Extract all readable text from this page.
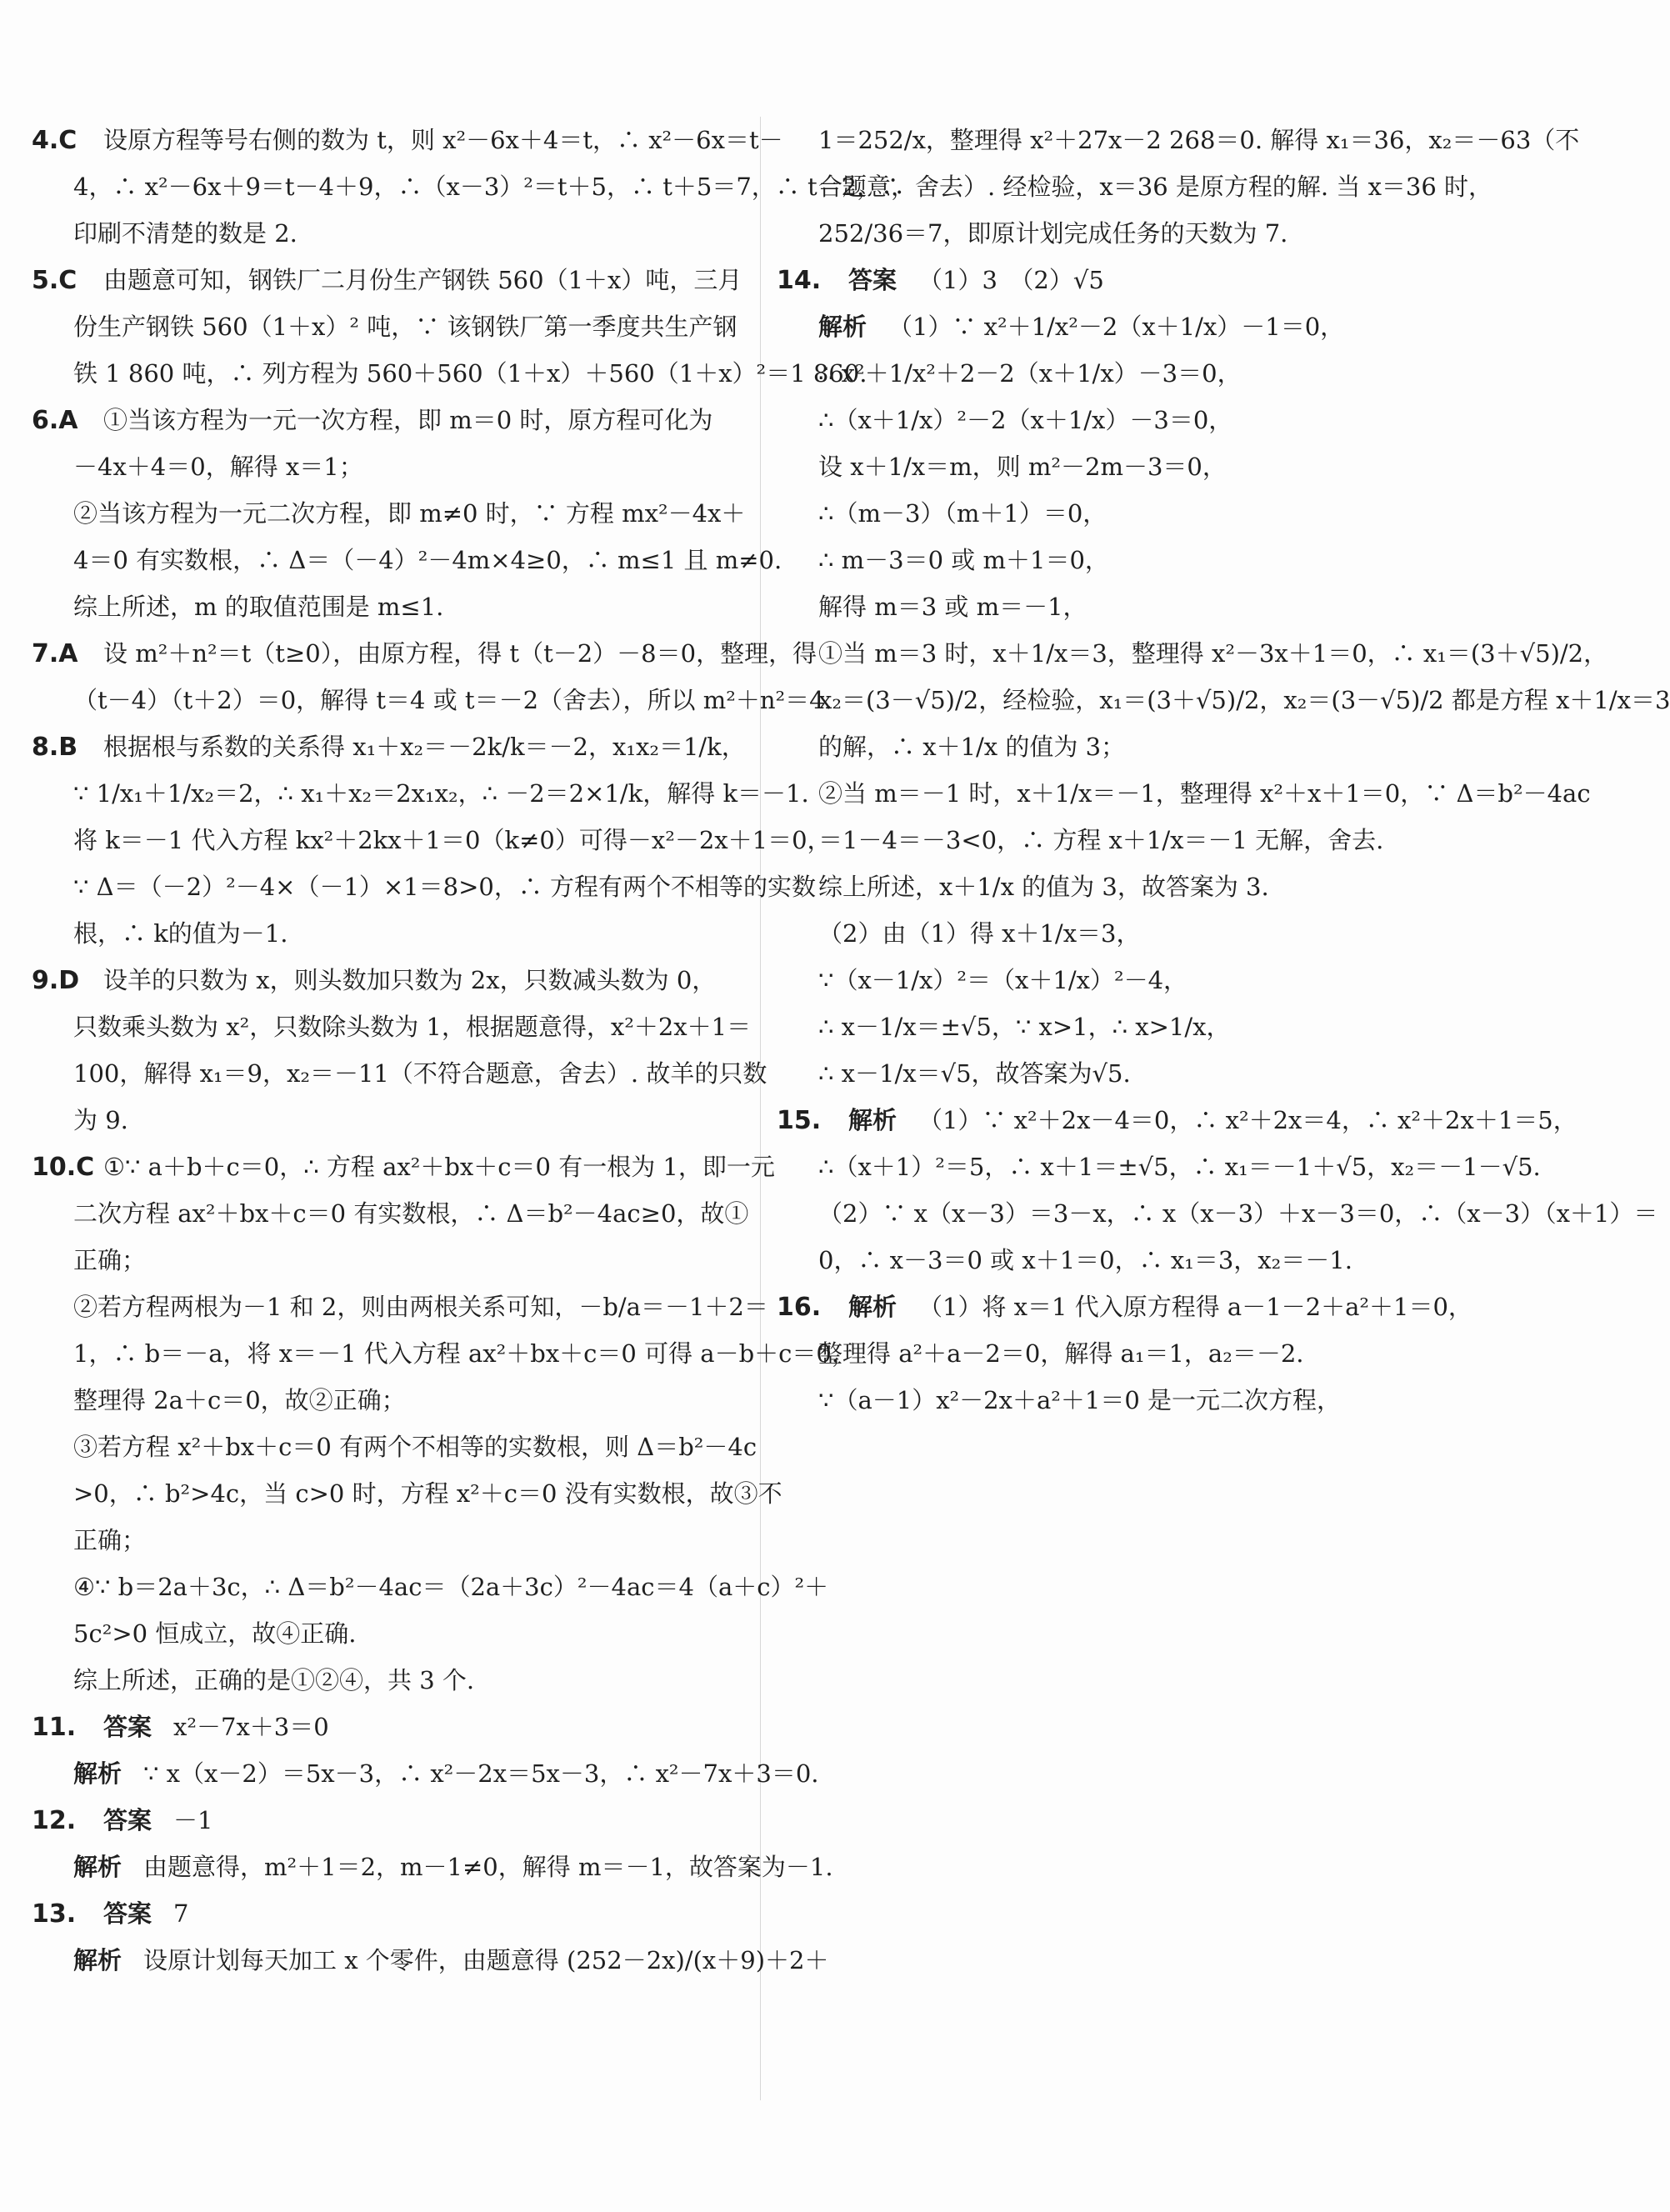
4.C 设原方程等号右侧的数为 t，则 x²－6x＋4＝t，∴ x²－6x＝t－
4，∴ x²－6x＋9＝t－4＋9，∴（x－3）²＝t＋5，∴ t＋5＝7，∴ t＝2，∴
印刷不清楚的数是 2.
5.C 由题意可知，钢铁厂二月份生产钢铁 560（1＋x）吨，三月
份生产钢铁 560（1＋x）² 吨，∵ 该钢铁厂第一季度共生产钢
铁 1 860 吨，∴ 列方程为 560＋560（1＋x）＋560（1＋x）²＝1 860.
6.A ①当该方程为一元一次方程，即 m＝0 时，原方程可化为
－4x＋4＝0，解得 x＝1；
②当该方程为一元二次方程，即 m≠0 时，∵ 方程 mx²－4x＋
4＝0 有实数根，∴ Δ＝（－4）²－4m×4≥0，∴ m≤1 且 m≠0.
综上所述，m 的取值范围是 m≤1.
7.A 设 m²＋n²＝t（t≥0），由原方程，得 t（t－2）－8＝0，整理，得
（t－4）（t＋2）＝0，解得 t＝4 或 t＝－2（舍去），所以 m²＋n²＝4.
8.B 根据根与系数的关系得 x₁＋x₂＝－2k/k＝－2，x₁x₂＝1/k，
∵ 1/x₁＋1/x₂＝2，∴ x₁＋x₂＝2x₁x₂，∴ －2＝2×1/k，解得 k＝－1.
将 k＝－1 代入方程 kx²＋2kx＋1＝0（k≠0）可得－x²－2x＋1＝0，
∵ Δ＝（－2）²－4×（－1）×1＝8>0，∴ 方程有两个不相等的实数
根，∴ k的值为－1.
9.D 设羊的只数为 x，则头数加只数为 2x，只数减头数为 0，
只数乘头数为 x²，只数除头数为 1，根据题意得，x²＋2x＋1＝
100，解得 x₁＝9，x₂＝－11（不符合题意，舍去）. 故羊的只数
为 9.
10.C ①∵ a＋b＋c＝0，∴ 方程 ax²＋bx＋c＝0 有一根为 1，即一元
二次方程 ax²＋bx＋c＝0 有实数根，∴ Δ＝b²－4ac≥0，故①
正确；
②若方程两根为－1 和 2，则由两根关系可知，－b/a＝－1＋2＝
1，∴ b＝－a，将 x＝－1 代入方程 ax²＋bx＋c＝0 可得 a－b＋c＝0，
整理得 2a＋c＝0，故②正确；
③若方程 x²＋bx＋c＝0 有两个不相等的实数根，则 Δ＝b²－4c
>0，∴ b²>4c，当 c>0 时，方程 x²＋c＝0 没有实数根，故③不
正确；
④∵ b＝2a＋3c，∴ Δ＝b²－4ac＝（2a＋3c）²－4ac＝4（a＋c）²＋
5c²>0 恒成立，故④正确.
综上所述，正确的是①②④，共 3 个.
11. 答案 x²－7x＋3＝0
解析 ∵ x（x－2）＝5x－3，∴ x²－2x＝5x－3，∴ x²－7x＋3＝0.
12. 答案 －1
解析 由题意得，m²＋1＝2，m－1≠0，解得 m＝－1，故答案为－1.
13. 答案 7
解析 设原计划每天加工 x 个零件，由题意得 (252－2x)/(x＋9)＋2＋
1＝252/x，整理得 x²＋27x－2 268＝0. 解得 x₁＝36，x₂＝－63（不
合题意，舍去）. 经检验，x＝36 是原方程的解. 当 x＝36 时，
252/36＝7，即原计划完成任务的天数为 7.
14. 答案 （1）3　（2）√5
解析 （1）∵ x²＋1/x²－2（x＋1/x）－1＝0，
∴ x²＋1/x²＋2－2（x＋1/x）－3＝0，
∴（x＋1/x）²－2（x＋1/x）－3＝0，
设 x＋1/x＝m，则 m²－2m－3＝0，
∴（m－3）（m＋1）＝0，
∴ m－3＝0 或 m＋1＝0，
解得 m＝3 或 m＝－1，
①当 m＝3 时，x＋1/x＝3，整理得 x²－3x＋1＝0，∴ x₁＝(3＋√5)/2，
x₂＝(3－√5)/2，经检验，x₁＝(3＋√5)/2，x₂＝(3－√5)/2 都是方程 x＋1/x＝3
的解，∴ x＋1/x 的值为 3；
②当 m＝－1 时，x＋1/x＝－1，整理得 x²＋x＋1＝0，∵ Δ＝b²－4ac
＝1－4＝－3<0，∴ 方程 x＋1/x＝－1 无解，舍去.
综上所述，x＋1/x 的值为 3，故答案为 3.
（2）由（1）得 x＋1/x＝3，
∵（x－1/x）²＝（x＋1/x）²－4，
∴ x－1/x＝±√5，∵ x>1，∴ x>1/x，
∴ x－1/x＝√5，故答案为√5.
15. 解析 （1）∵ x²＋2x－4＝0，∴ x²＋2x＝4，∴ x²＋2x＋1＝5，
∴（x＋1）²＝5，∴ x＋1＝±√5，∴ x₁＝－1＋√5，x₂＝－1－√5.
（2）∵ x（x－3）＝3－x，∴ x（x－3）＋x－3＝0，∴（x－3）（x＋1）＝
0，∴ x－3＝0 或 x＋1＝0，∴ x₁＝3，x₂＝－1.
16. 解析 （1）将 x＝1 代入原方程得 a－1－2＋a²＋1＝0，
整理得 a²＋a－2＝0，解得 a₁＝1，a₂＝－2.
∵（a－1）x²－2x＋a²＋1＝0 是一元二次方程，
